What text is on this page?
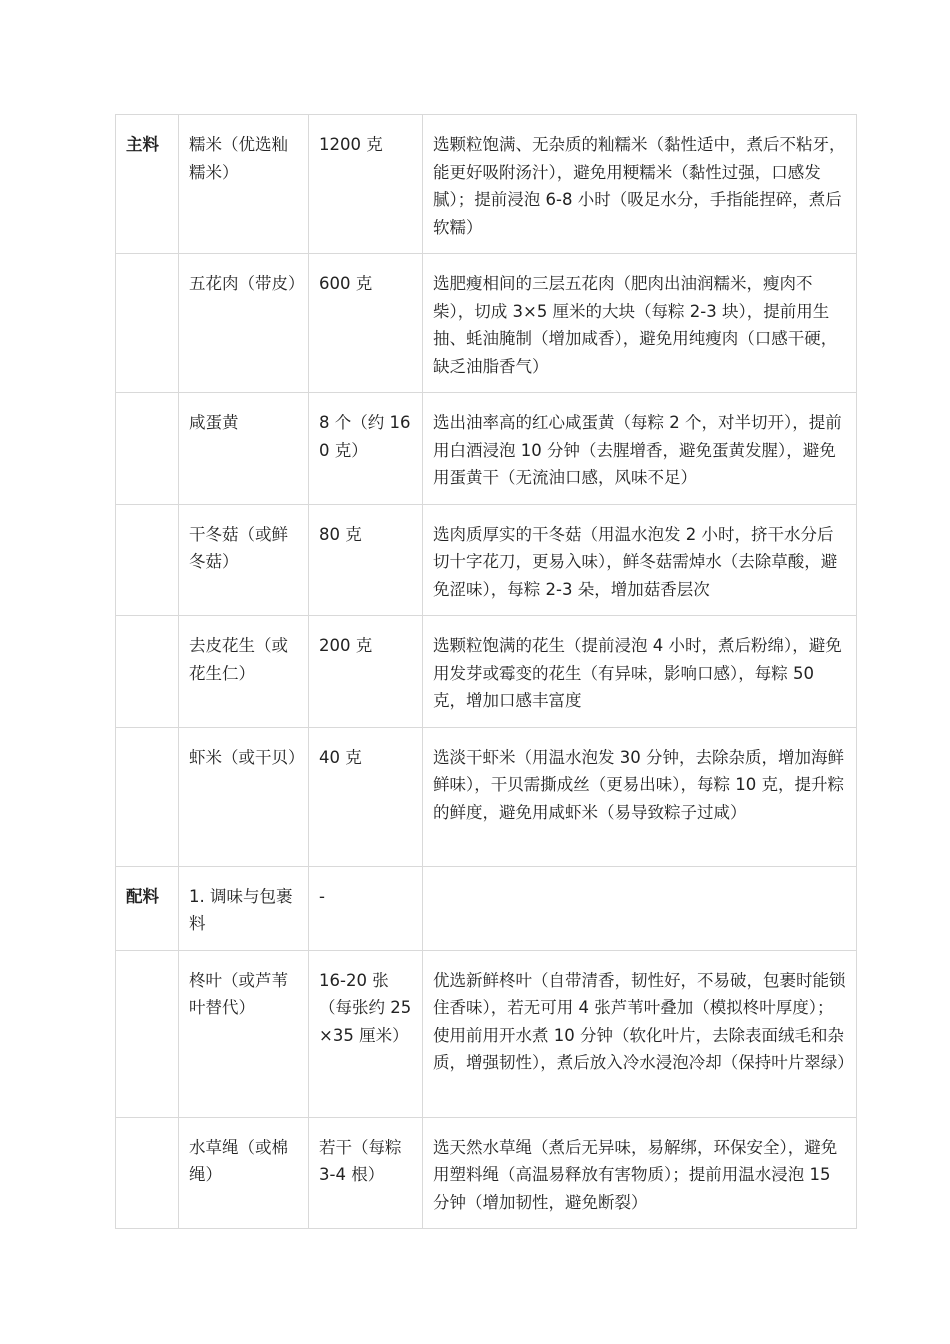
主料	糯米（优选籼糯米）	1200 克	选颗粒饱满、无杂质的籼糯米（黏性适中，煮后不粘牙，能更好吸附汤汁），避免用粳糯米（黏性过强，口感发腻）；提前浸泡 6-8 小时（吸足水分，手指能捏碎，煮后软糯）
	五花肉（带皮）	600 克	选肥瘦相间的三层五花肉（肥肉出油润糯米，瘦肉不柴），切成 3×5 厘米的大块（每粽 2-3 块），提前用生抽、蚝油腌制（增加咸香），避免用纯瘦肉（口感干硬，缺乏油脂香气）
	咸蛋黄	8 个（约 160 克）	选出油率高的红心咸蛋黄（每粽 2 个，对半切开），提前用白酒浸泡 10 分钟（去腥增香，避免蛋黄发腥），避免用蛋黄干（无流油口感，风味不足）
	干冬菇（或鲜冬菇）	80 克	选肉质厚实的干冬菇（用温水泡发 2 小时，挤干水分后切十字花刀，更易入味），鲜冬菇需焯水（去除草酸，避免涩味），每粽 2-3 朵，增加菇香层次
	去皮花生（或花生仁）	200 克	选颗粒饱满的花生（提前浸泡 4 小时，煮后粉绵），避免用发芽或霉变的花生（有异味，影响口感），每粽 50 克，增加口感丰富度
	虾米（或干贝）	40 克	选淡干虾米（用温水泡发 30 分钟，去除杂质，增加海鲜鲜味），干贝需撕成丝（更易出味），每粽 10 克，提升粽的鲜度，避免用咸虾米（易导致粽子过咸）
配料	1. 调味与包裹料	-	
	柊叶（或芦苇叶替代）	16-20 张（每张约 25×35 厘米）	优选新鲜柊叶（自带清香，韧性好，不易破，包裹时能锁住香味），若无可用 4 张芦苇叶叠加（模拟柊叶厚度）；使用前用开水煮 10 分钟（软化叶片，去除表面绒毛和杂质，增强韧性），煮后放入冷水浸泡冷却（保持叶片翠绿）
	水草绳（或棉绳）	若干（每粽 3-4 根）	选天然水草绳（煮后无异味，易解绑，环保安全），避免用塑料绳（高温易释放有害物质）；提前用温水浸泡 15 分钟（增加韧性，避免断裂）
